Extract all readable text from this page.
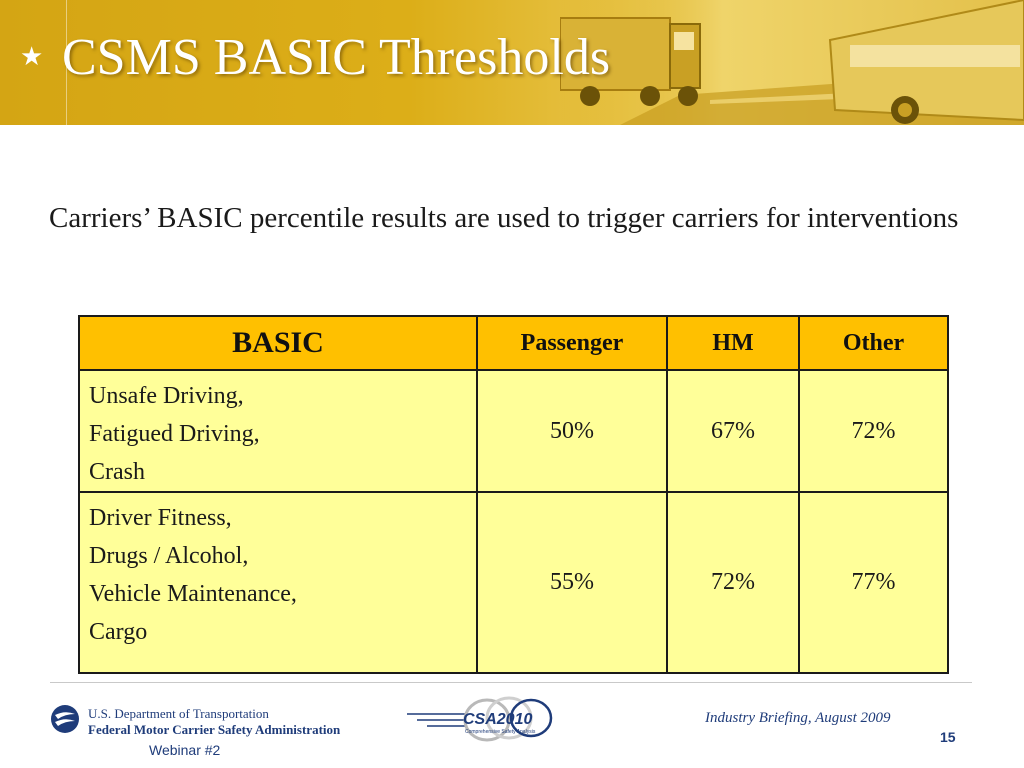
★ CSMS BASIC Thresholds
Carriers’ BASIC percentile results are used to trigger carriers for interventions
BASIC	Passenger	HM	Other

Unsafe Driving,
Fatigued Driving,
Crash	50%	67%	72%

Driver Fitness,
Drugs / Alcohol,
Vehicle Maintenance,
Cargo	55%	72%	77%
U.S. Department of Transportation
Federal Motor Carrier Safety Administration
Webinar #2
CSA2010
Comprehensive Safety Analysis
Industry Briefing, August 2009
15
